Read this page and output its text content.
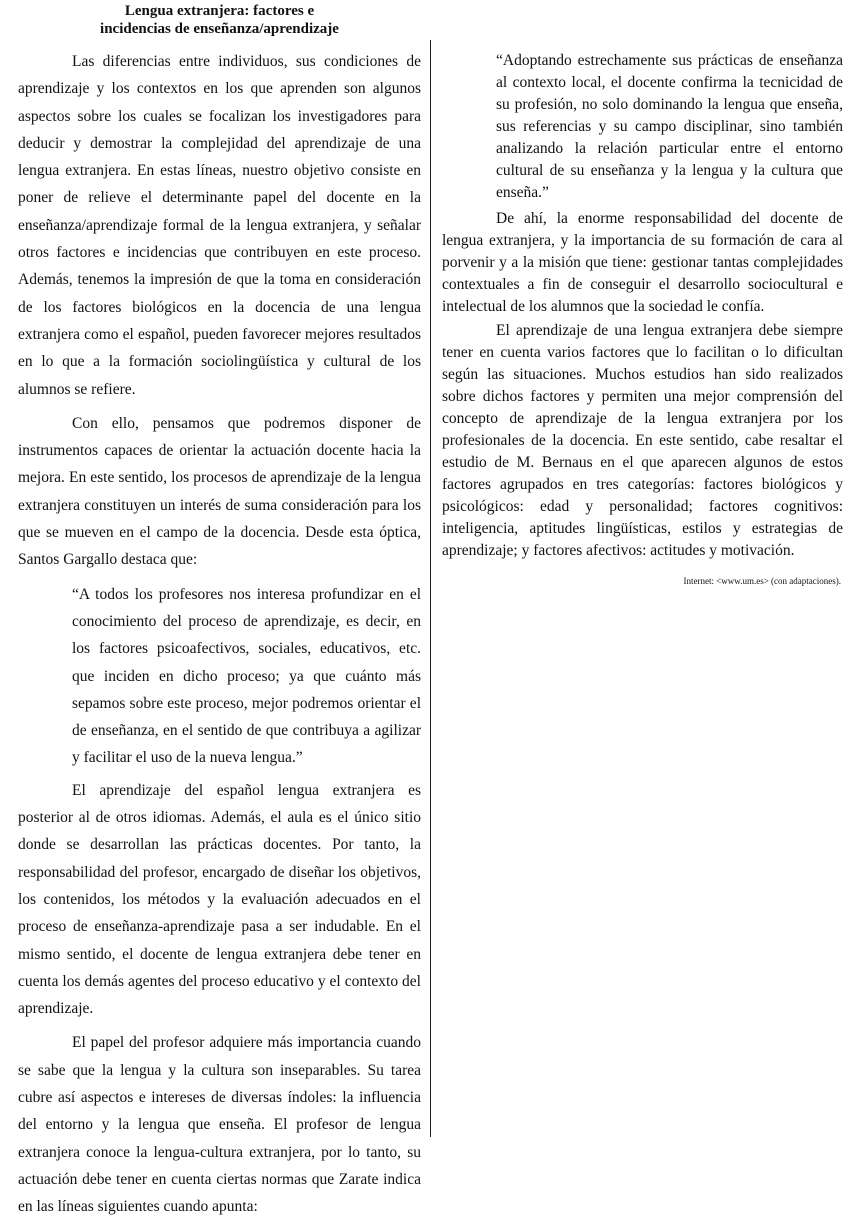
Lengua extranjera: factores e
incidencias de enseñanza/aprendizaje

Las diferencias entre individuos, sus condiciones de aprendizaje y los contextos en los que aprenden son algunos aspectos sobre los cuales se focalizan los investigadores para deducir y demostrar la complejidad del aprendizaje de una lengua extranjera. En estas líneas, nuestro objetivo consiste en poner de relieve el determinante papel del docente en la enseñanza/aprendizaje formal de la lengua extranjera, y señalar otros factores e incidencias que contribuyen en este proceso. Además, tenemos la impresión de que la toma en consideración de los factores biológicos en la docencia de una lengua extranjera como el español, pueden favorecer mejores resultados en lo que a la formación sociolingüística y cultural de los alumnos se refiere.

Con ello, pensamos que podremos disponer de instrumentos capaces de orientar la actuación docente hacia la mejora. En este sentido, los procesos de aprendizaje de la lengua extranjera constituyen un interés de suma consideración para los que se mueven en el campo de la docencia. Desde esta óptica, Santos Gargallo destaca que:

“A todos los profesores nos interesa profundizar en el conocimiento del proceso de aprendizaje, es decir, en los factores psicoafectivos, sociales, educativos, etc. que inciden en dicho proceso; ya que cuánto más sepamos sobre este proceso, mejor podremos orientar el de enseñanza, en el sentido de que contribuya a agilizar y facilitar el uso de la nueva lengua.”

El aprendizaje del español lengua extranjera es posterior al de otros idiomas. Además, el aula es el único sitio donde se desarrollan las prácticas docentes. Por tanto, la responsabilidad del profesor, encargado de diseñar los objetivos, los contenidos, los métodos y la evaluación adecuados en el proceso de enseñanza-aprendizaje pasa a ser indudable. En el mismo sentido, el docente de lengua extranjera debe tener en cuenta los demás agentes del proceso educativo y el contexto del aprendizaje.

El papel del profesor adquiere más importancia cuando se sabe que la lengua y la cultura son inseparables. Su tarea cubre así aspectos e intereses de diversas índoles: la influencia del entorno y la lengua que enseña. El profesor de lengua extranjera conoce la lengua-cultura extranjera, por lo tanto, su actuación debe tener en cuenta ciertas normas que Zarate indica en las líneas siguientes cuando apunta:

“Adoptando estrechamente sus prácticas de enseñanza al contexto local, el docente confirma la tecnicidad de su profesión, no solo dominando la lengua que enseña, sus referencias y su campo disciplinar, sino también analizando la relación particular entre el entorno cultural de su enseñanza y la lengua y la cultura que enseña.”

De ahí, la enorme responsabilidad del docente de lengua extranjera, y la importancia de su formación de cara al porvenir y a la misión que tiene: gestionar tantas complejidades contextuales a fin de conseguir el desarrollo sociocultural e intelectual de los alumnos que la sociedad le confía.

El aprendizaje de una lengua extranjera debe siempre tener en cuenta varios factores que lo facilitan o lo dificultan según las situaciones. Muchos estudios han sido realizados sobre dichos factores y permiten una mejor comprensión del concepto de aprendizaje de la lengua extranjera por los profesionales de la docencia. En este sentido, cabe resaltar el estudio de M. Bernaus en el que aparecen algunos de estos factores agrupados en tres categorías: factores biológicos y psicológicos: edad y personalidad; factores cognitivos: inteligencia, aptitudes lingüísticas, estilos y estrategias de aprendizaje; y factores afectivos: actitudes y motivación.

Internet: <www.um.es> (con adaptaciones).
